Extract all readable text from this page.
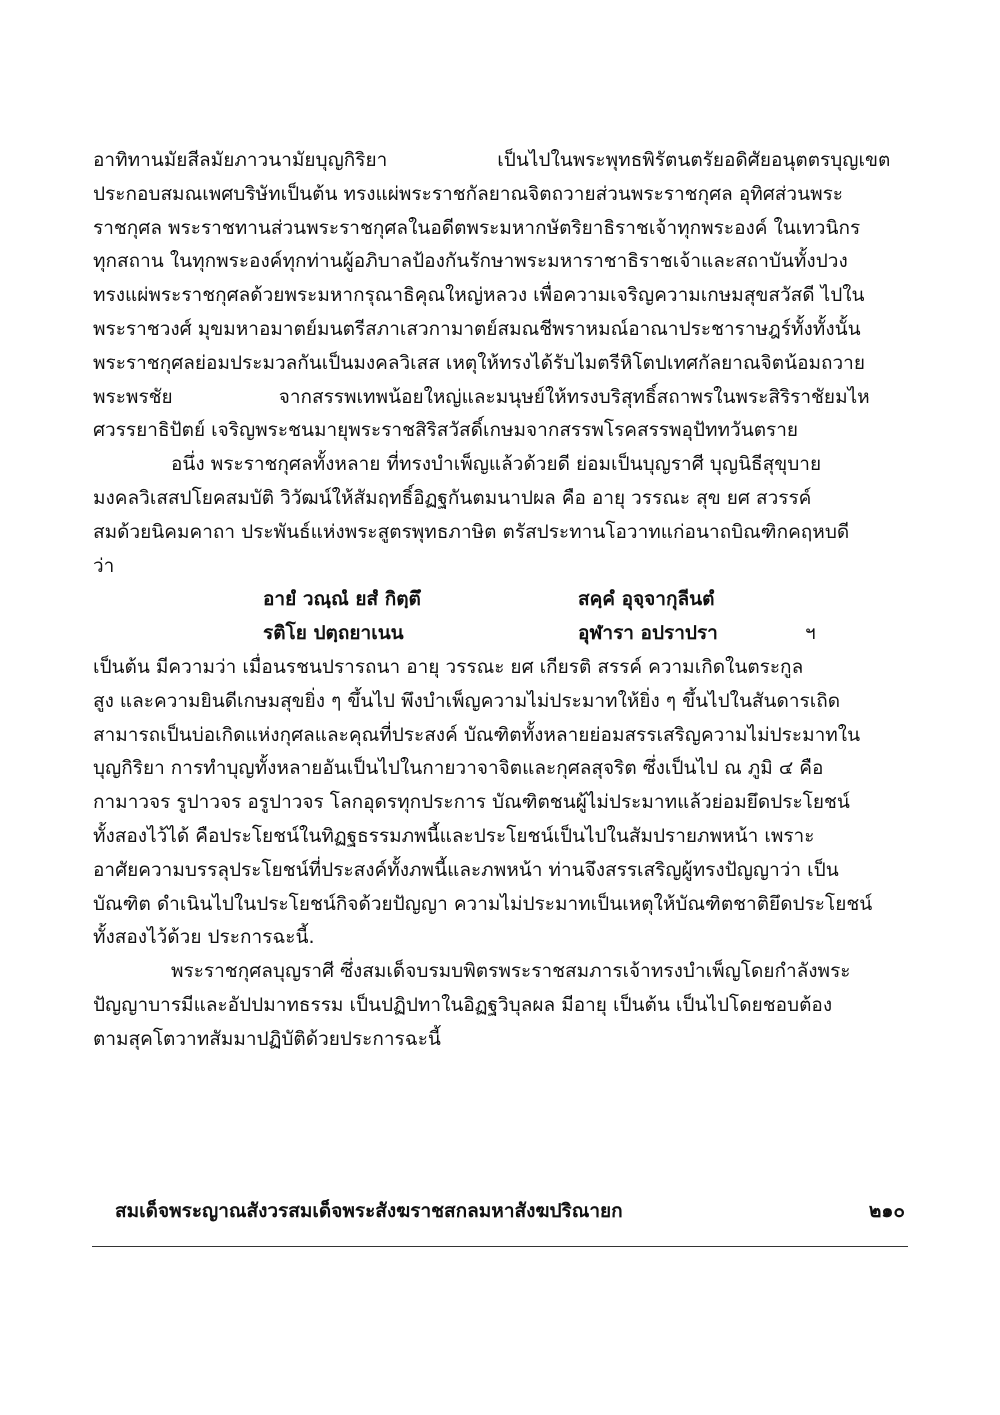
อาทิทานมัยสีลมัยภาวนามัยบุญกิริยา	เป็นไปในพระพุทธพิรัตนตรัยอดิศัยอนุตตรบุญเขต
ประกอบสมณเพศบริษัทเป็นต้น ทรงแผ่พระราชกัลยาณจิตถวายส่วนพระราชกุศล อุทิศส่วนพระ
ราชกุศล พระราชทานส่วนพระราชกุศลในอดีตพระมหากษัตริยาธิราชเจ้าทุกพระองค์ ในเทวนิกร
ทุกสถาน ในทุกพระองค์ทุกท่านผู้อภิบาลป้องกันรักษาพระมหาราชาธิราชเจ้าและสถาบันทั้งปวง
ทรงแผ่พระราชกุศลด้วยพระมหากรุณาธิคุณใหญ่หลวง เพื่อความเจริญความเกษมสุขสวัสดี ไปใน
พระราชวงศ์ มุขมหาอมาตย์มนตรีสภาเสวกามาตย์สมณชีพราหมณ์อาณาประชาราษฎร์ทั้งทั้งนั้น
พระราชกุศลย่อมประมวลกันเป็นมงคลวิเสส เหตุให้ทรงได้รับไมตรีหิโตปเทศกัลยาณจิตน้อมถวาย
พระพรชัย	จากสรรพเทพน้อยใหญ่และมนุษย์ให้ทรงบริสุทธิ์สถาพรในพระสิริราชัยมไห
ศวรรยาธิปัตย์ เจริญพระชนมายุพระราชสิริสวัสดิ์เกษมจากสรรพโรคสรรพอุปัททวันตราย
อนึ่ง พระราชกุศลทั้งหลาย ที่ทรงบำเพ็ญแล้วด้วยดี ย่อมเป็นบุญราศี บุญนิธีสุขุบาย
มงคลวิเสสปโยคสมบัติ วิวัฒน์ให้สัมฤทธิ์อิฏฐกันตมนาปผล คือ อายุ วรรณะ สุข ยศ สวรรค์
สมด้วยนิคมคาถา ประพันธ์แห่งพระสูตรพุทธภาษิต ตรัสประทานโอวาทแก่อนาถบิณฑิกคฤหบดี
ว่า
อายํ วณฺณํ ยสํ กิตฺตึ	สคฺคํ อุจฺจากุลีนตํ
รติโย ปตฺถยาเนน	อุฬารา อปราปรา	ฯ
เป็นต้น มีความว่า เมื่อนรชนปรารถนา อายุ วรรณะ ยศ เกียรติ สรรค์ ความเกิดในตระกูล
สูง และความยินดีเกษมสุขยิ่ง ๆ ขึ้นไป พึงบำเพ็ญความไม่ประมาทให้ยิ่ง ๆ ขึ้นไปในสันดารเถิด
สามารถเป็นบ่อเกิดแห่งกุศลและคุณที่ประสงค์ บัณฑิตทั้งหลายย่อมสรรเสริญความไม่ประมาทใน
บุญกิริยา การทำบุญทั้งหลายอันเป็นไปในกายวาจาจิตและกุศลสุจริต ซึ่งเป็นไป ณ ภูมิ ๔ คือ
กามาวจร รูปาวจร อรูปาวจร โลกอุดรทุกประการ บัณฑิตชนผู้ไม่ประมาทแล้วย่อมยึดประโยชน์
ทั้งสองไว้ได้ คือประโยชน์ในทิฏฐธรรมภพนี้และประโยชน์เป็นไปในสัมปรายภพหน้า เพราะ
อาศัยความบรรลุประโยชน์ที่ประสงค์ทั้งภพนี้และภพหน้า ท่านจึงสรรเสริญผู้ทรงปัญญาว่า เป็น
บัณฑิต ดำเนินไปในประโยชน์กิจด้วยปัญญา ความไม่ประมาทเป็นเหตุให้บัณฑิตชาติยึดประโยชน์
ทั้งสองไว้ด้วย ประการฉะนี้.
พระราชกุศลบุญราศี ซึ่งสมเด็จบรมบพิตรพระราชสมภารเจ้าทรงบำเพ็ญโดยกำลังพระ
ปัญญาบารมีและอัปปมาทธรรม เป็นปฏิปทาในอิฏฐวิบุลผล มีอายุ เป็นต้น เป็นไปโดยชอบต้อง
ตามสุคโตวาทสัมมาปฏิบัติด้วยประการฉะนี้
สมเด็จพระญาณสังวรสมเด็จพระสังฆราชสกลมหาสังฆปริณายก	๒๑๐
